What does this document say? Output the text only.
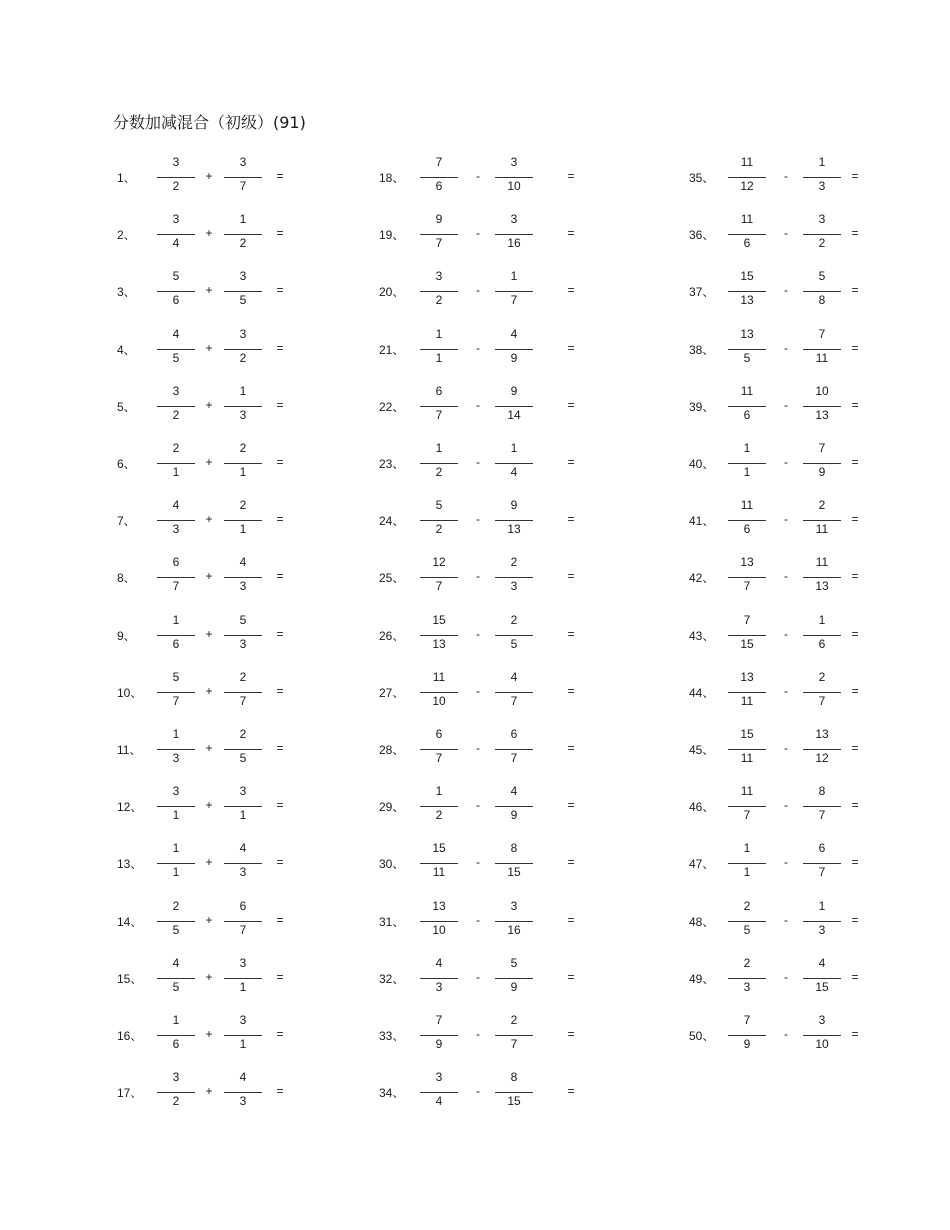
分数加减混合（初级）(91)
1、
3
2
+
3
7
=
2、
3
4
+
1
2
=
3、
5
6
+
3
5
=
4、
4
5
+
3
2
=
5、
3
2
+
1
3
=
6、
2
1
+
2
1
=
7、
4
3
+
2
1
=
8、
6
7
+
4
3
=
9、
1
6
+
5
3
=
10、
5
7
+
2
7
=
11、
1
3
+
2
5
=
12、
3
1
+
3
1
=
13、
1
1
+
4
3
=
14、
2
5
+
6
7
=
15、
4
5
+
3
1
=
16、
1
6
+
3
1
=
17、
3
2
+
4
3
=
18、
7
6
-
3
10
=
19、
9
7
-
3
16
=
20、
3
2
-
1
7
=
21、
1
1
-
4
9
=
22、
6
7
-
9
14
=
23、
1
2
-
1
4
=
24、
5
2
-
9
13
=
25、
12
7
-
2
3
=
26、
15
13
-
2
5
=
27、
11
10
-
4
7
=
28、
6
7
-
6
7
=
29、
1
2
-
4
9
=
30、
15
11
-
8
15
=
31、
13
10
-
3
16
=
32、
4
3
-
5
9
=
33、
7
9
-
2
7
=
34、
3
4
-
8
15
=
35、
11
12
-
1
3
=
36、
11
6
-
3
2
=
37、
15
13
-
5
8
=
38、
13
5
-
7
11
=
39、
11
6
-
10
13
=
40、
1
1
-
7
9
=
41、
11
6
-
2
11
=
42、
13
7
-
11
13
=
43、
7
15
-
1
6
=
44、
13
11
-
2
7
=
45、
15
11
-
13
12
=
46、
11
7
-
8
7
=
47、
1
1
-
6
7
=
48、
2
5
-
1
3
=
49、
2
3
-
4
15
=
50、
7
9
-
3
10
=
